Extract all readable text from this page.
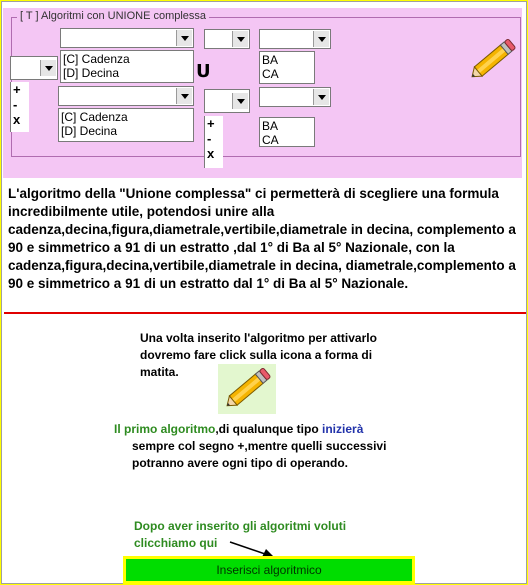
[ T ] Algoritmi con UNIONE complessa
+
-
x
[C] Cadenza
[D] Decina
[C] Cadenza
[D] Decina
U
+
-
x
BA
CA
BA
CA
L'algoritmo della "Unione complessa" ci permetterà di scegliere una formula incredibilmente utile, potendosi unire alla cadenza,decina,figura,diametrale,vertibile,diametrale in decina, complemento a 90 e simmetrico a 91 di un estratto ,dal 1° di Ba al 5° Nazionale, con la cadenza,figura,decina,vertibile,diametrale in decina, diametrale,complemento a 90 e simmetrico a 91 di un estratto dal 1° di Ba al 5° Nazionale.
Una volta inserito l'algoritmo per attivarlo dovremo fare click sulla icona a forma di matita.
Il primo algoritmo,di qualunque tipo inizierà
sempre col segno +,mentre quelli successivi potranno avere ogni tipo di operando.
Dopo aver inserito gli algoritmi voluti
clicchiamo qui
Inserisci algoritmico
